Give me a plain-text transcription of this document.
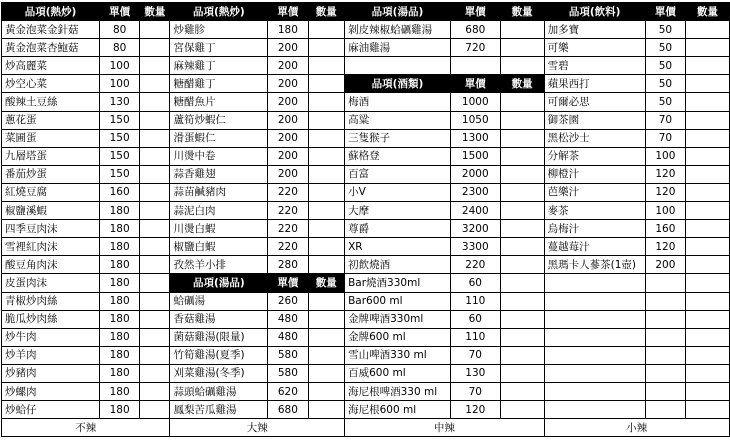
品項(熱炒)	單價	數量	品項(熱炒)	單價	數量	品項(湯品)	單價	數量	品項(飲料)	單價	數量
黃金泡菜金針菇	80		炒雞胗	180		剝皮辣椒蛤礪雞湯	680		加多寶	50	
黃金泡菜杏鮑菇	80		宮保雞丁	200		麻油雞湯	720		可樂	50	
炒高麗菜	100		麻辣雞丁	200					雪碧	50	
炒空心菜	100		糖醋雞丁	200		品項(酒類)	單價	數量	蘋果西打	50	
酸辣土豆絲	130		糖醋魚片	200		梅酒	1000		可爾必思	50	
蔥花蛋	150		蘆筍炒蝦仁	200		高粱	1050		御茶園	70	
菜圃蛋	150		滑蛋蝦仁	200		三隻猴子	1300		黑松沙士	70	
九層塔蛋	150		川燙中卷	200		蘇格登	1500		分解茶	100	
番茄炒蛋	150		蒜香雞翅	200		百富	2000		柳橙汁	120	
紅燒豆腐	160		蒜苗鹹豬肉	220		小V	2300		芭樂汁	120	
椒鹽溪蝦	180		蒜泥白肉	220		大摩	2400		麥茶	100	
四季豆肉沫	180		川燙白蝦	220		尊爵	3200		烏梅汁	160	
雪裡紅肉沫	180		椒鹽白蝦	220		XR	3300		蔓越莓汁	120	
酸豆角肉沫	180		孜然羊小排	280		初飲燒酒	220		黑瑪卡人蔘茶(1壺)	200	
皮蛋肉沫	180		品項(湯品)	單價	數量	Bar燒酒330ml	60				
青椒炒肉絲	180		蛤礪湯	260		Bar600 ml	110				
脆瓜炒肉絲	180		香菇雞湯	480		金牌啤酒330ml	60				
炒牛肉	180		菌菇雞湯(限量)	480		金牌600 ml	110				
炒羊肉	180		竹筍雞湯(夏季)	580		雪山啤酒330 ml	70				
炒豬肉	180		刈菜雞湯(冬季)	580		百威600 ml	130				
炒螺肉	180		蒜頭蛤礪雞湯	620		海尼根啤酒330 ml	70				
炒蛤仔	180		鳳梨苦瓜雞湯	680		海尼根600 ml	120				
不辣			大辣			中辣			小辣		
